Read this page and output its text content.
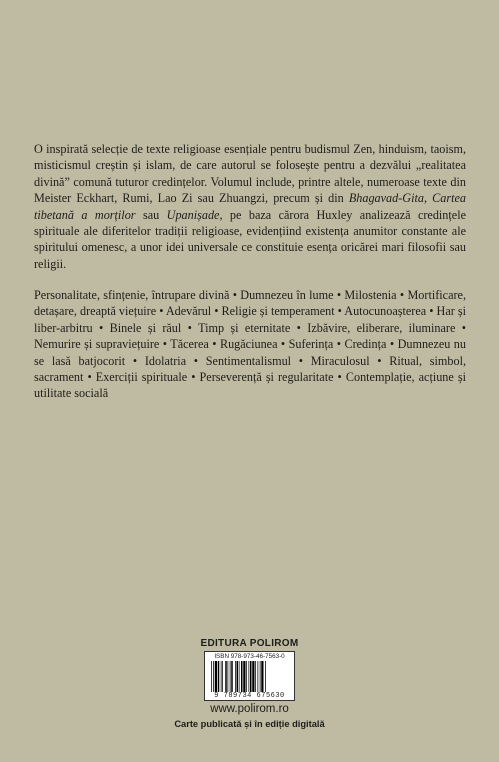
O inspirată selecție de texte religioase esențiale pentru budismul Zen, hinduism, taoism, misticismul creștin și islam, de care autorul se folosește pentru a dezvălui „realitatea divină” comună tuturor credințelor. Volumul include, printre altele, numeroase texte din Meister Eckhart, Rumi, Lao Zi sau Zhuangzi, precum și din Bhagavad-Gita, Cartea tibetană a morților sau Upanișade, pe baza cărora Huxley analizează credințele spirituale ale diferitelor tradiții religioase, evidențiind existența anumitor constante ale spiritului omenesc, a unor idei universale ce constituie esența oricărei mari filosofii sau religii.
Personalitate, sfințenie, întrupare divină • Dumnezeu în lume • Milostenia • Mortificare, detașare, dreaptă viețuire • Adevărul • Religie și temperament • Autocunoașterea • Har și liber-arbitru • Binele și răul • Timp și eternitate • Izbăvire, eliberare, iluminare • Nemurire și supraviețuire • Tăcerea • Rugăciunea • Suferința • Credința • Dumnezeu nu se lasă batjocorit • Idolatria • Sentimentalismul • Miraculosul • Ritual, simbol, sacrament • Exerciții spirituale • Perseverență și regularitate • Contemplație, acțiune și utilitate socială
EDITURA POLIROM
ISBN 978-973-46-7563-0
9 789734 675630
www.polirom.ro
Carte publicată și în ediție digitală
